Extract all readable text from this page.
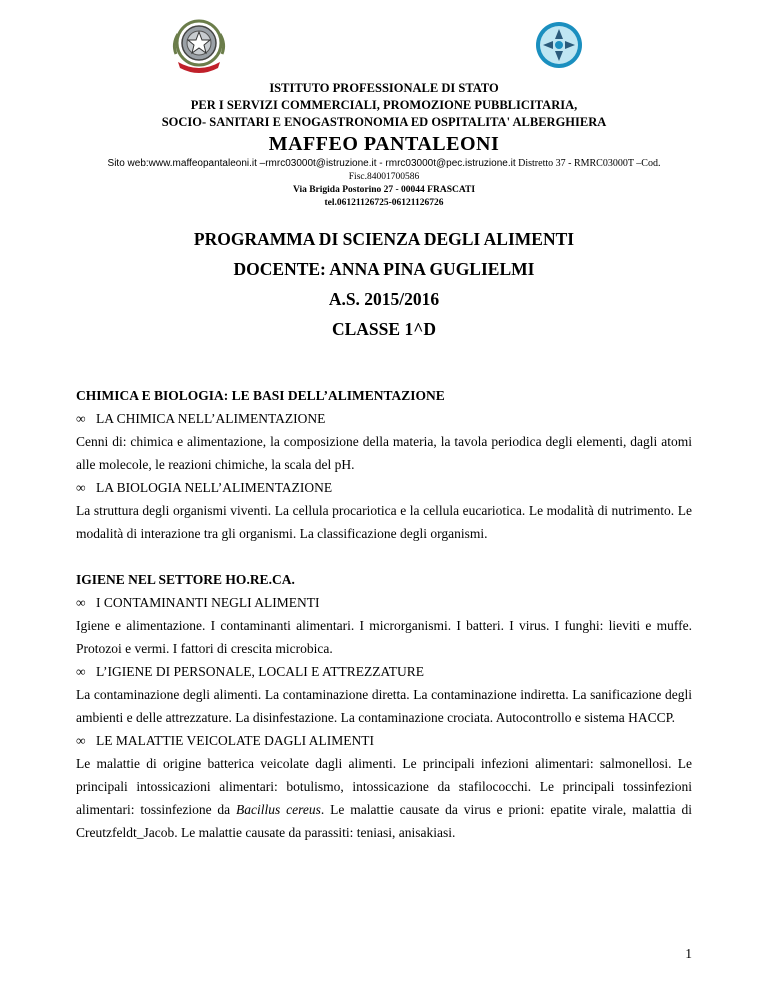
ISTITUTO PROFESSIONALE DI STATO

PER I SERVIZI COMMERCIALI, PROMOZIONE PUBBLICITARIA,

SOCIO- SANITARI E ENOGASTRONOMIA ED OSPITALITA' ALBERGHIERA

MAFFEO PANTALEONI

Sito web:www.maffeopantaleoni.it –rmrc03000t@istruzione.it - rmrc03000t@pec.istruzione.it Distretto 37 - RMRC03000T –Cod.

Fisc.84001700586

Via Brigida Postorino 27 - 00044 FRASCATI

tel.06121126725-06121126726

PROGRAMMA DI SCIENZA DEGLI ALIMENTI

DOCENTE: ANNA PINA GUGLIELMI

A.S. 2015/2016

CLASSE 1^D

CHIMICA E BIOLOGIA: LE BASI DELL’ALIMENTAZIONE

∞ LA CHIMICA NELL’ALIMENTAZIONE

Cenni di: chimica e alimentazione, la composizione della materia, la tavola periodica degli elementi, dagli atomi alle molecole, le reazioni chimiche, la scala del pH.

∞ LA BIOLOGIA NELL’ALIMENTAZIONE

La struttura degli organismi viventi. La cellula procariotica e la cellula eucariotica. Le modalità di nutrimento. Le modalità di interazione tra gli organismi. La classificazione degli organismi.

IGIENE NEL SETTORE HO.RE.CA.

∞ I CONTAMINANTI NEGLI ALIMENTI

Igiene e alimentazione. I contaminanti alimentari. I microrganismi. I batteri. I virus. I funghi: lieviti e muffe. Protozoi e vermi. I fattori di crescita microbica.

∞ L’IGIENE DI PERSONALE, LOCALI E ATTREZZATURE

La contaminazione degli alimenti. La contaminazione diretta. La contaminazione indiretta. La sanificazione degli ambienti e delle attrezzature. La disinfestazione. La contaminazione crociata. Autocontrollo e sistema HACCP.

∞ LE MALATTIE VEICOLATE DAGLI ALIMENTI

Le malattie di origine batterica veicolate dagli alimenti. Le principali infezioni alimentari: salmonellosi. Le principali intossicazioni alimentari: botulismo, intossicazione da stafilococchi. Le principali tossinfezioni alimentari: tossinfezione da Bacillus cereus. Le malattie causate da virus e prioni: epatite virale, malattia di Creutzfeldt_Jacob. Le malattie causate da parassiti: teniasi, anisakiasi.

1
